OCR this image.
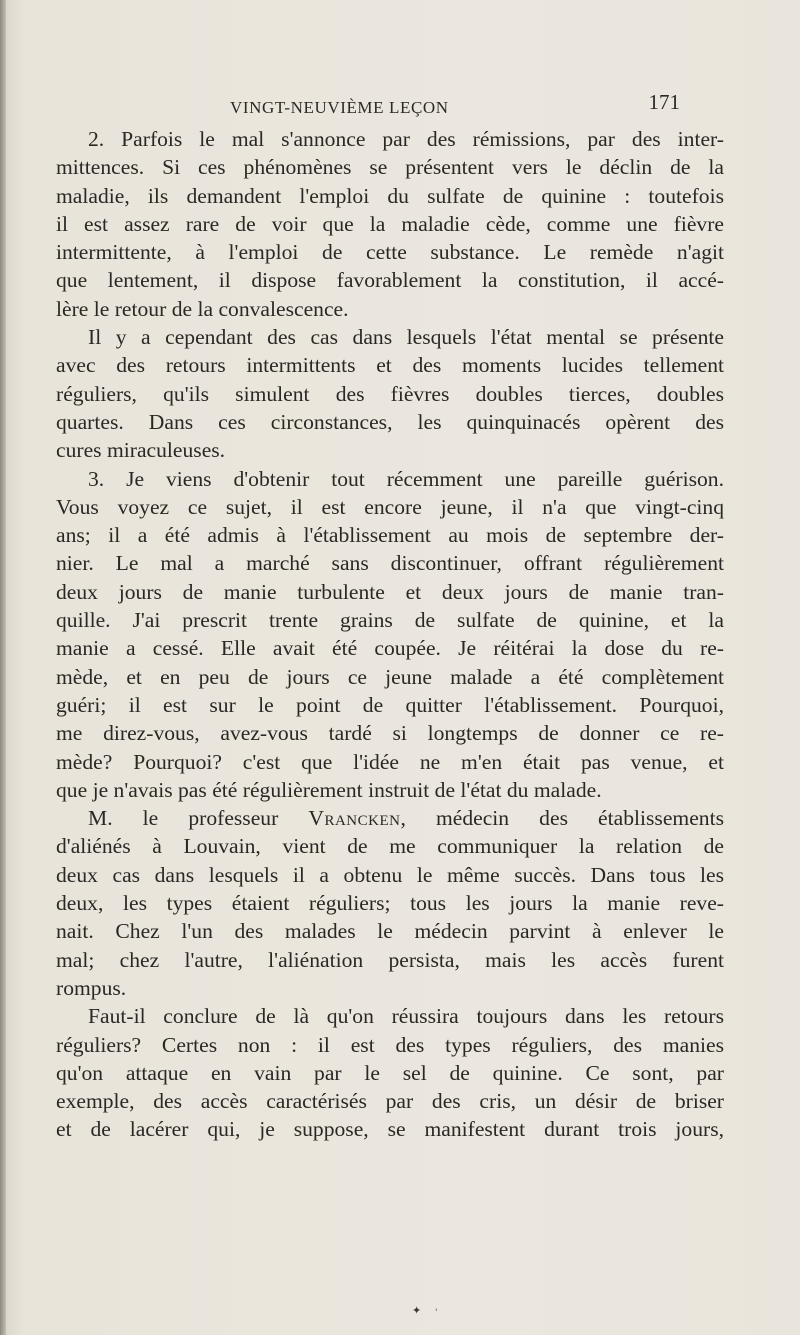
VINGT-NEUVIÈME LEÇON	171

2. Parfois le mal s'annonce par des rémissions, par des inter-
mittences. Si ces phénomènes se présentent vers le déclin de la
maladie, ils demandent l'emploi du sulfate de quinine : toutefois
il est assez rare de voir que la maladie cède, comme une fièvre
intermittente, à l'emploi de cette substance. Le remède n'agit
que lentement, il dispose favorablement la constitution, il accé-
lère le retour de la convalescence.

Il y a cependant des cas dans lesquels l'état mental se présente
avec des retours intermittents et des moments lucides tellement
réguliers, qu'ils simulent des fièvres doubles tierces, doubles
quartes. Dans ces circonstances, les quinquinacés opèrent des
cures miraculeuses.

3. Je viens d'obtenir tout récemment une pareille guérison.
Vous voyez ce sujet, il est encore jeune, il n'a que vingt-cinq
ans; il a été admis à l'établissement au mois de septembre der-
nier. Le mal a marché sans discontinuer, offrant régulièrement
deux jours de manie turbulente et deux jours de manie tran-
quille. J'ai prescrit trente grains de sulfate de quinine, et la
manie a cessé. Elle avait été coupée. Je réitérai la dose du re-
mède, et en peu de jours ce jeune malade a été complètement
guéri; il est sur le point de quitter l'établissement. Pourquoi,
me direz-vous, avez-vous tardé si longtemps de donner ce re-
mède? Pourquoi? c'est que l'idée ne m'en était pas venue, et
que je n'avais pas été régulièrement instruit de l'état du malade.

M. le professeur Vrancken, médecin des établissements
d'aliénés à Louvain, vient de me communiquer la relation de
deux cas dans lesquels il a obtenu le même succès. Dans tous les
deux, les types étaient réguliers; tous les jours la manie reve-
nait. Chez l'un des malades le médecin parvint à enlever le
mal; chez l'autre, l'aliénation persista, mais les accès furent
rompus.

Faut-il conclure de là qu'on réussira toujours dans les retours
réguliers? Certes non : il est des types réguliers, des manies
qu'on attaque en vain par le sel de quinine. Ce sont, par
exemple, des accès caractérisés par des cris, un désir de briser
et de lacérer qui, je suppose, se manifestent durant trois jours,

✦ '
